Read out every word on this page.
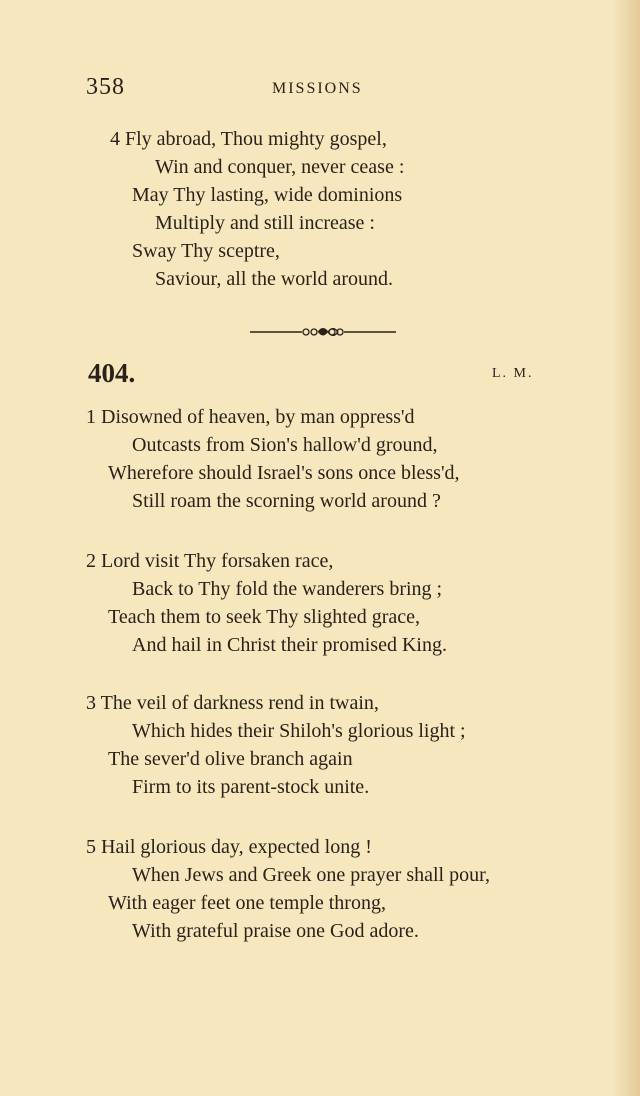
358	MISSIONS
4 Fly abroad, Thou mighty gospel,
Win and conquer, never cease :
May Thy lasting, wide dominions
Multiply and still increase :
Sway Thy sceptre,
Saviour, all the world around.
404.	L. M.
1 Disowned of heaven, by man oppress'd
Outcasts from Sion's hallow'd ground,
Wherefore should Israel's sons once bless'd,
Still roam the scorning world around ?
2 Lord visit Thy forsaken race,
Back to Thy fold the wanderers bring ;
Teach them to seek Thy slighted grace,
And hail in Christ their promised King.
3 The veil of darkness rend in twain,
Which hides their Shiloh's glorious light ;
The sever'd olive branch again
Firm to its parent-stock unite.
5 Hail glorious day, expected long !
When Jews and Greek one prayer shall pour,
With eager feet one temple throng,
With grateful praise one God adore.
